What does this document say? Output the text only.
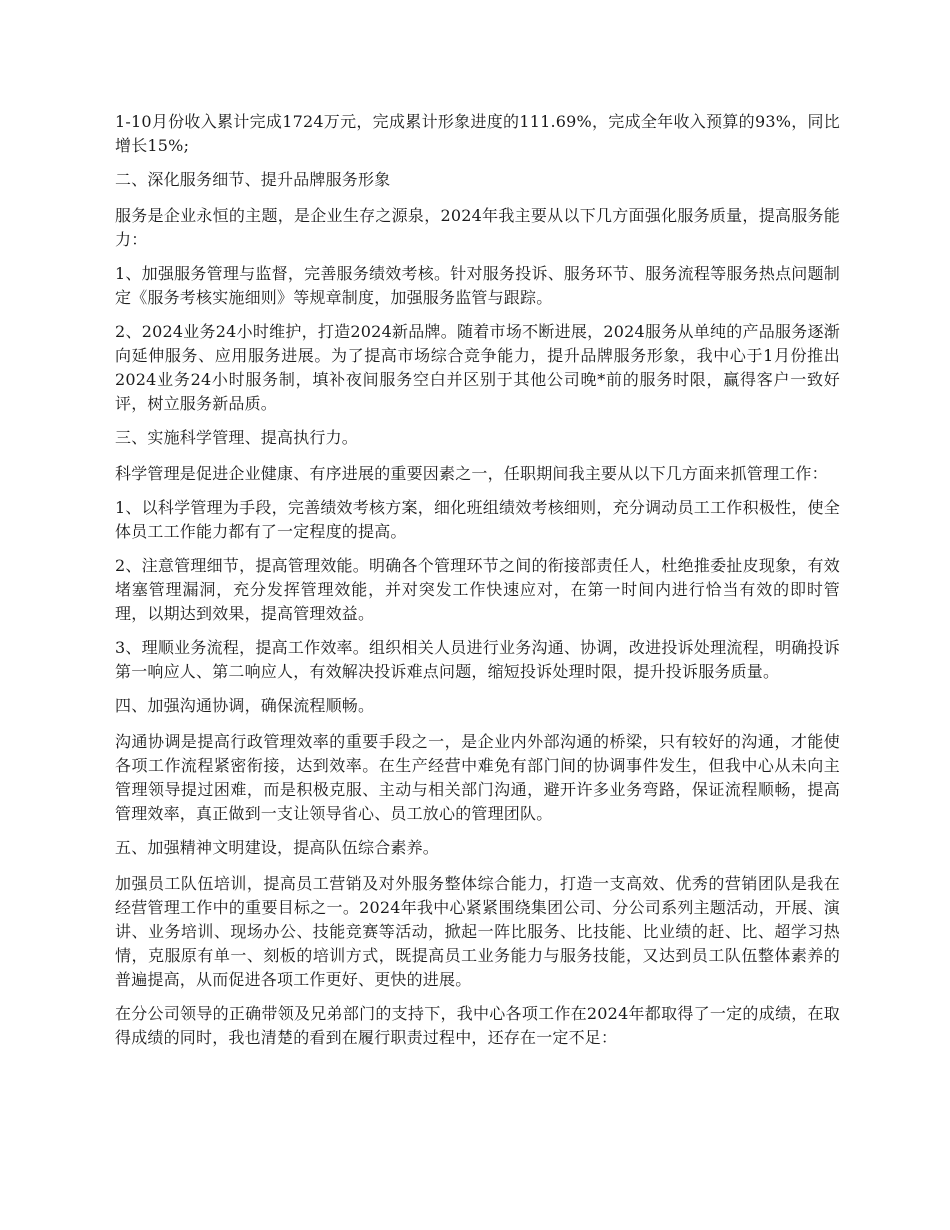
1-10月份收入累计完成1724万元，完成累计形象进度的111.69%，完成全年收入预算的93%，同比增长15%;

二、深化服务细节、提升品牌服务形象

服务是企业永恒的主题，是企业生存之源泉，2024年我主要从以下几方面强化服务质量，提高服务能力：

1、加强服务管理与监督，完善服务绩效考核。针对服务投诉、服务环节、服务流程等服务热点问题制定《服务考核实施细则》等规章制度，加强服务监管与跟踪。

2、2024业务24小时维护，打造2024新品牌。随着市场不断进展，2024服务从单纯的产品服务逐渐向延伸服务、应用服务进展。为了提高市场综合竞争能力，提升品牌服务形象，我中心于1月份推出2024业务24小时服务制，填补夜间服务空白并区别于其他公司晚*前的服务时限，赢得客户一致好评，树立服务新品质。

三、实施科学管理、提高执行力。

科学管理是促进企业健康、有序进展的重要因素之一，任职期间我主要从以下几方面来抓管理工作：

1、以科学管理为手段，完善绩效考核方案，细化班组绩效考核细则，充分调动员工工作积极性，使全体员工工作能力都有了一定程度的提高。

2、注意管理细节，提高管理效能。明确各个管理环节之间的衔接部责任人，杜绝推委扯皮现象，有效堵塞管理漏洞，充分发挥管理效能，并对突发工作快速应对，在第一时间内进行恰当有效的即时管理，以期达到效果，提高管理效益。

3、理顺业务流程，提高工作效率。组织相关人员进行业务沟通、协调，改进投诉处理流程，明确投诉第一响应人、第二响应人，有效解决投诉难点问题，缩短投诉处理时限，提升投诉服务质量。

四、加强沟通协调，确保流程顺畅。

沟通协调是提高行政管理效率的重要手段之一，是企业内外部沟通的桥梁，只有较好的沟通，才能使各项工作流程紧密衔接，达到效率。在生产经营中难免有部门间的协调事件发生，但我中心从未向主管理领导提过困难，而是积极克服、主动与相关部门沟通，避开许多业务弯路，保证流程顺畅，提高管理效率，真正做到一支让领导省心、员工放心的管理团队。

五、加强精神文明建设，提高队伍综合素养。

加强员工队伍培训，提高员工营销及对外服务整体综合能力，打造一支高效、优秀的营销团队是我在经营管理工作中的重要目标之一。2024年我中心紧紧围绕集团公司、分公司系列主题活动，开展、演讲、业务培训、现场办公、技能竞赛等活动，掀起一阵比服务、比技能、比业绩的赶、比、超学习热情，克服原有单一、刻板的培训方式，既提高员工业务能力与服务技能，又达到员工队伍整体素养的普遍提高，从而促进各项工作更好、更快的进展。

在分公司领导的正确带领及兄弟部门的支持下，我中心各项工作在2024年都取得了一定的成绩，在取得成绩的同时，我也清楚的看到在履行职责过程中，还存在一定不足：
